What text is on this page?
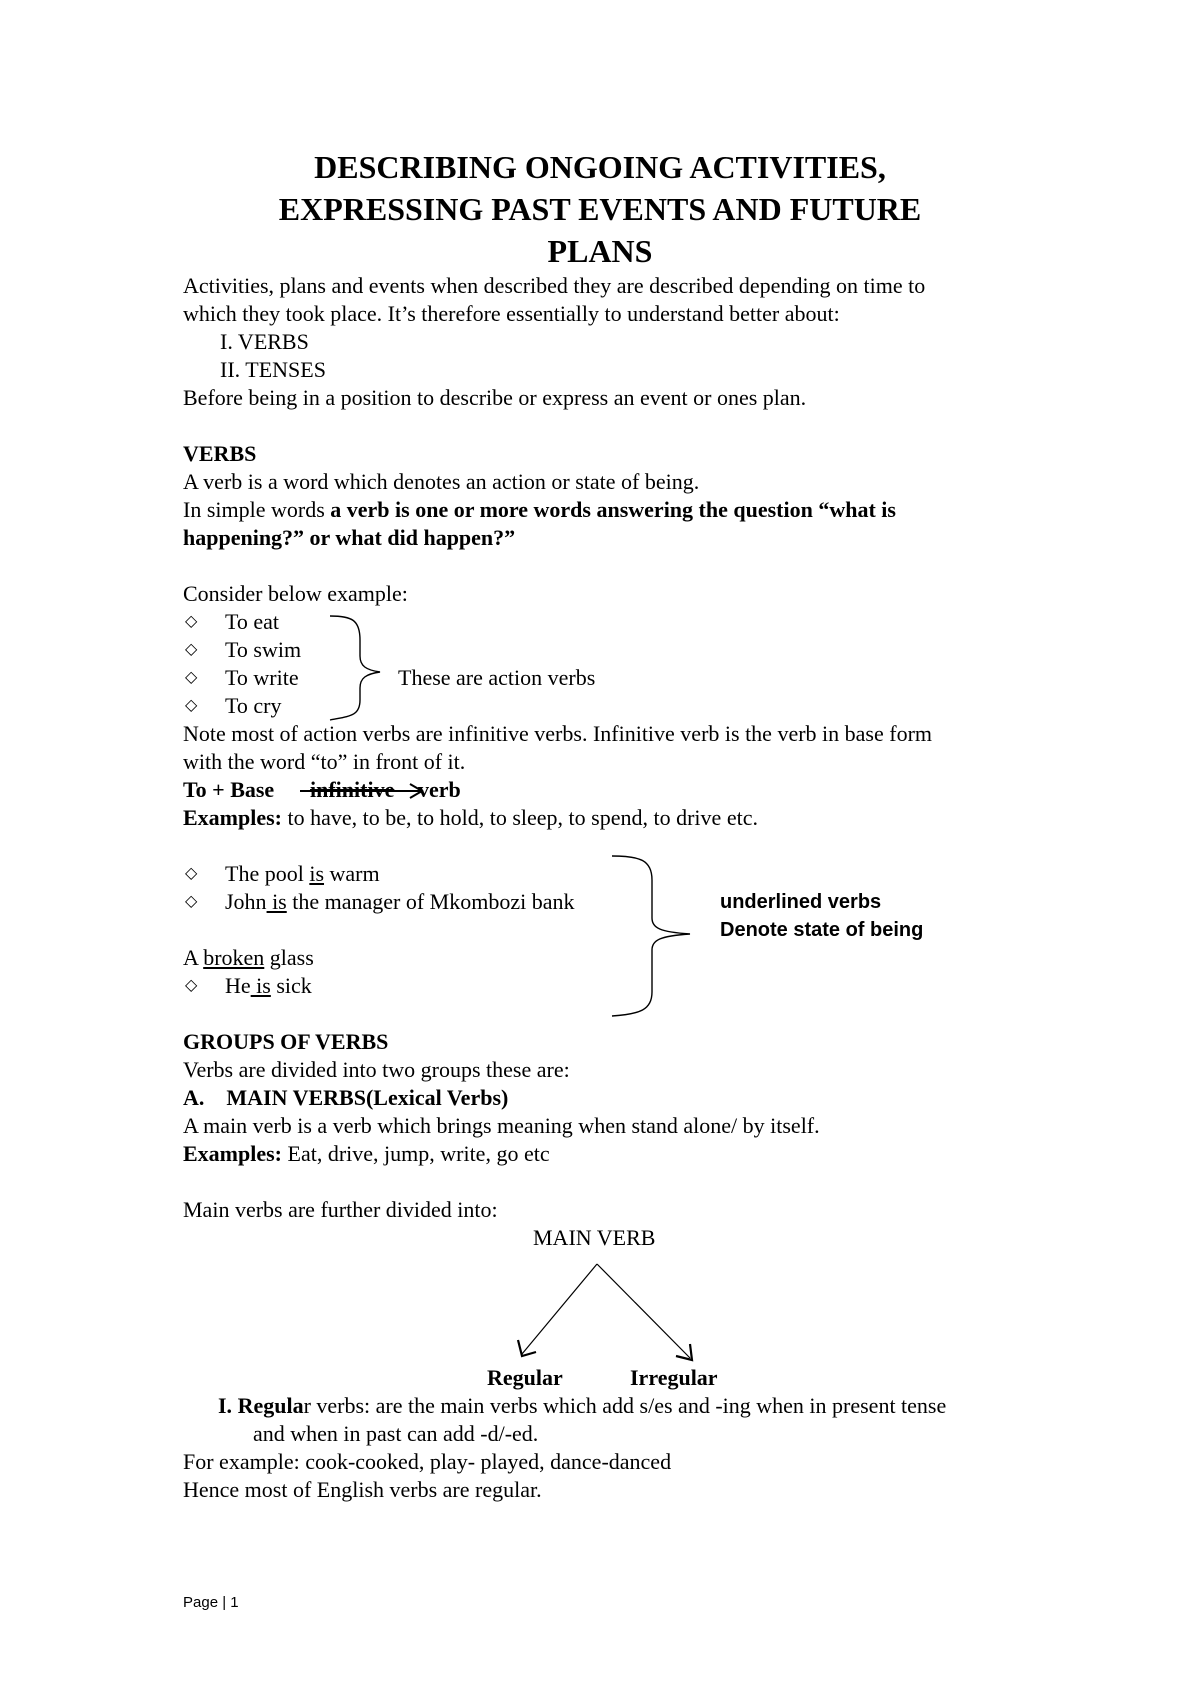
DESCRIBING ONGOING ACTIVITIES,
EXPRESSING PAST EVENTS AND FUTURE
PLANS
Activities, plans and events when described they are described depending on time to
which they took place. It’s therefore essentially to understand better about:
I. VERBS
II. TENSES
Before being in a position to describe or express an event or ones plan.
VERBS
A verb is a word which denotes an action or state of being.
In simple words a verb is one or more words answering the question “what is
happening?” or what did happen?”
Consider below example:
◇ To eat
◇ To swim
◇ To write
◇ To cry
These are action verbs
Note most of action verbs are infinitive verbs. Infinitive verb is the verb in base form
with the word “to” in front of it.
To + Base infinitive verb
Examples: to have, to be, to hold, to sleep, to spend, to drive etc.
◇ The pool is warm
◇ John is the manager of Mkombozi bank
A broken glass
◇ He is sick
underlined verbs
Denote state of being
GROUPS OF VERBS
Verbs are divided into two groups these are:
A. MAIN VERBS(Lexical Verbs)
A main verb is a verb which brings meaning when stand alone/ by itself.
Examples: Eat, drive, jump, write, go etc
Main verbs are further divided into:
MAIN VERB
Regular	Irregular
I. Regular verbs: are the main verbs which add s/es and -ing when in present tense
and when in past can add -d/-ed.
For example: cook-cooked, play- played, dance-danced
Hence most of English verbs are regular.
Page | 1
